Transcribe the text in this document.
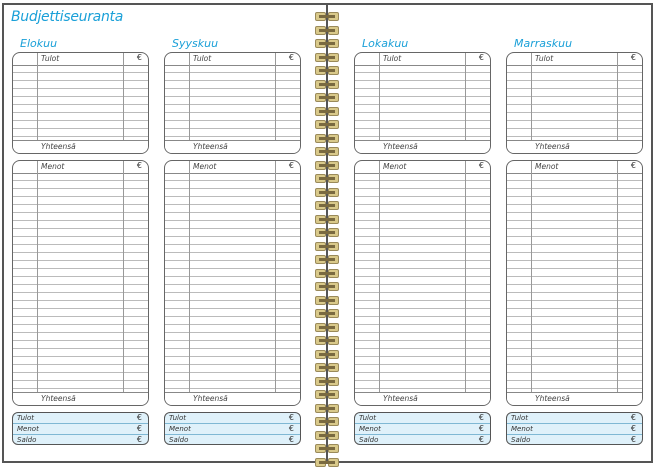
Budjettiseuranta
Elokuu
Tulot	€
Yhteensä
Menot	€
Yhteensä
Tulot	€
Menot	€
Saldo	€
Syyskuu
Tulot	€
Yhteensä
Menot	€
Yhteensä
Tulot	€
Menot	€
Saldo	€
Lokakuu
Tulot	€
Yhteensä
Menot	€
Yhteensä
Tulot	€
Menot	€
Saldo	€
Marraskuu
Tulot	€
Yhteensä
Menot	€
Yhteensä
Tulot	€
Menot	€
Saldo	€
